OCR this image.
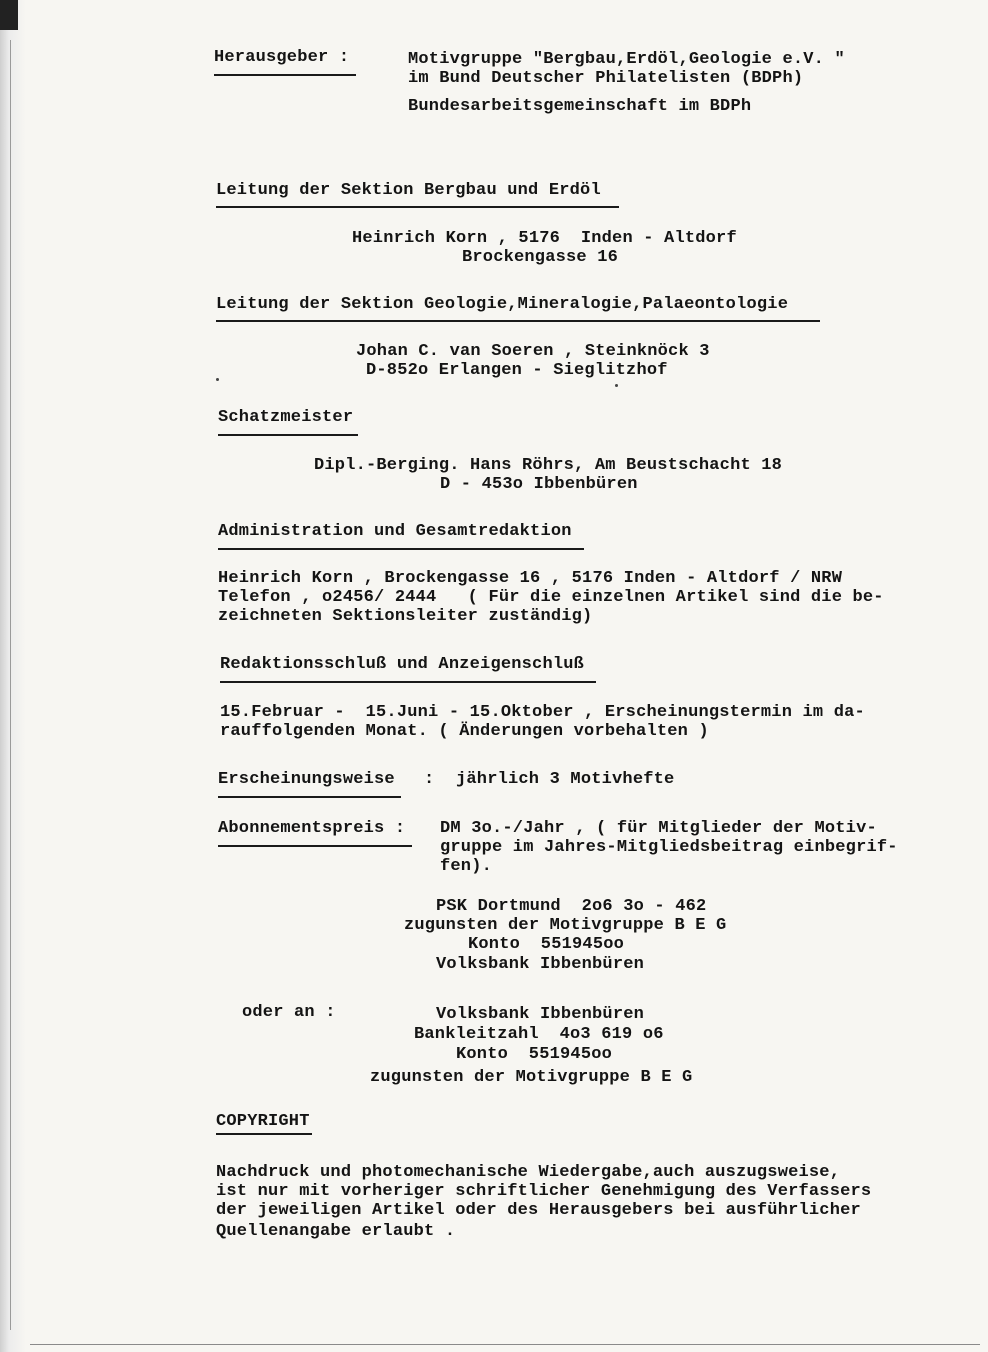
Herausgeber :	Motivgruppe "Bergbau,Erdöl,Geologie e.V. "
im Bund Deutscher Philatelisten (BDPh)
Bundesarbeitsgemeinschaft im BDPh
Leitung der Sektion Bergbau und Erdöl
Heinrich Korn , 5176  Inden - Altdorf
Brockengasse 16
Leitung der Sektion Geologie,Mineralogie,Palaeontologie
Johan C. van Soeren , Steinknöck 3
D-852o Erlangen - Sieglitzhof
Schatzmeister
Dipl.-Berging. Hans Röhrs, Am Beustschacht 18
D - 453o Ibbenbüren
Administration und Gesamtredaktion
Heinrich Korn , Brockengasse 16 , 5176 Inden - Altdorf / NRW
Telefon , o2456/ 2444   ( Für die einzelnen Artikel sind die be-
zeichneten Sektionsleiter zuständig)
Redaktionsschluß und Anzeigenschluß
15.Februar -  15.Juni - 15.Oktober , Erscheinungstermin im da-
rauffolgenden Monat. ( Änderungen vorbehalten )
Erscheinungsweise : jährlich 3 Motivhefte
Abonnementspreis : DM 3o.-/Jahr , ( für Mitglieder der Motiv-
gruppe im Jahres-Mitgliedsbeitrag einbegrif-
fen).
PSK Dortmund  2o6 3o - 462
zugunsten der Motivgruppe B E G
Konto  551945oo
Volksbank Ibbenbüren
oder an :	Volksbank Ibbenbüren
Bankleitzahl  4o3 619 o6
Konto  551945oo
zugunsten der Motivgruppe B E G
COPYRIGHT
Nachdruck und photomechanische Wiedergabe,auch auszugsweise,
ist nur mit vorheriger schriftlicher Genehmigung des Verfassers
der jeweiligen Artikel oder des Herausgebers bei ausführlicher
Quellenangabe erlaubt .
